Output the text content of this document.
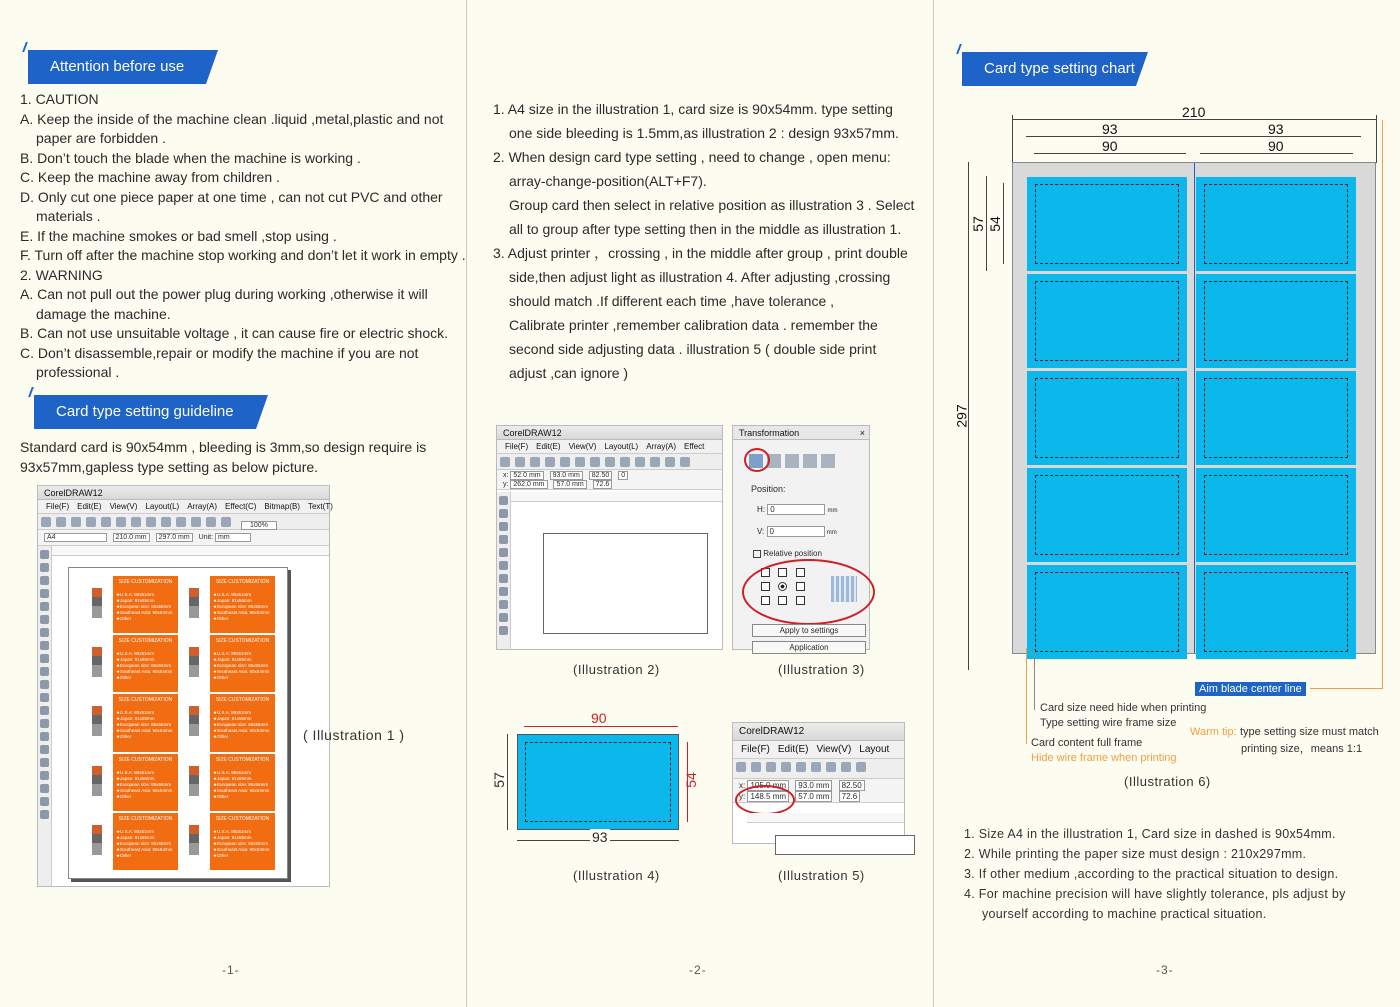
Attention before use
1. CAUTION
A. Keep the inside of the machine clean .liquid ,metal,plastic and not
paper are forbidden .
B. Don’t touch the blade when the machine is working .
C. Keep the machine away from children .
D. Only cut one piece paper at one time , can not cut PVC and other
materials .
E. If the machine smokes or bad smell ,stop using .
F. Turn off after the machine stop working and don’t let it work in empty .
2. WARNING
A. Can not pull out the power plug during working ,otherwise it will
damage the machine.
B. Can not use unsuitable voltage , it can cause fire or electric shock.
C. Don’t disassemble,repair or modify the machine if you are not
professional .
Card type setting guideline
Standard card is 90x54mm , bleeding is 3mm,so design require is
93x57mm,gapless type setting as below picture.
CorelDRAW12
File(F) Edit(E) View(V) Layout(L) Array(A) Effect(C) Bitmap(B) Text(T)
100%
A4	210.0 mm 297.0 mm Unit: mm
SIZE CUSTOMIZATION
★U.S.A: 89x51mm
★Japan: 91x55mm
★European size: 85x55mm
★Southeast Asia: 90x54mm
★Other
SIZE CUSTOMIZATION
★U.S.A: 89x51mm
★Japan: 91x55mm
★European size: 85x55mm
★Southeast Asia: 90x54mm
★Other
SIZE CUSTOMIZATION
★U.S.A: 89x51mm
★Japan: 91x55mm
★European size: 85x55mm
★Southeast Asia: 90x54mm
★Other
SIZE CUSTOMIZATION
★U.S.A: 89x51mm
★Japan: 91x55mm
★European size: 85x55mm
★Southeast Asia: 90x54mm
★Other
SIZE CUSTOMIZATION
★U.S.A: 89x51mm
★Japan: 91x55mm
★European size: 85x55mm
★Southeast Asia: 90x54mm
★Other
SIZE CUSTOMIZATION
★U.S.A: 89x51mm
★Japan: 91x55mm
★European size: 85x55mm
★Southeast Asia: 90x54mm
★Other
SIZE CUSTOMIZATION
★U.S.A: 89x51mm
★Japan: 91x55mm
★European size: 85x55mm
★Southeast Asia: 90x54mm
★Other
SIZE CUSTOMIZATION
★U.S.A: 89x51mm
★Japan: 91x55mm
★European size: 85x55mm
★Southeast Asia: 90x54mm
★Other
SIZE CUSTOMIZATION
★U.S.A: 89x51mm
★Japan: 91x55mm
★European size: 85x55mm
★Southeast Asia: 90x54mm
★Other
SIZE CUSTOMIZATION
★U.S.A: 89x51mm
★Japan: 91x55mm
★European size: 85x55mm
★Southeast Asia: 90x54mm
★Other
( Illustration 1 )
-1-
1. A4 size in the illustration 1, card size is 90x54mm. type setting
one side bleeding is 1.5mm,as illustration 2 : design 93x57mm.
2. When design card type setting , need to change , open menu:
array-change-position(ALT+F7).
Group card then select in relative position as illustration 3 . Select
all to group after type setting then in the middle as illustration 1.
3. Adjust printer ，crossing , in the middle after group , print double
side,then adjust light as illustration 4. After adjusting ,crossing
should match .If different each time ,have tolerance ,
Calibrate printer ,remember calibration data . remember the
second side adjusting data . illustration 5 ( double side print
adjust ,can ignore )
CorelDRAW12
File(F) Edit(E) View(V) Layout(L) Array(A) Effect
x: 52.0 mm 93.0 mm 82.50 0
y: 262.0 mm 57.0 mm 72.6
Transformation	×
Position:
H: 0	mm
V: 0	mm
Relative position
Apply to settings
Application
(Illustration 2)	(Illustration 3)
90
57	54
93
CorelDRAW12
File(F) Edit(E) View(V) Layout
x: 105.0 mm 93.0 mm 82.50
y: 148.5 mm 57.0 mm 72.6
(Illustration 4)	(Illustration 5)
-2-
Card type setting chart
-3-
210
93	93
90	90
297
57 54
Aim blade center line
Card size need hide when printing
Type setting wire frame size
Card content full frame
Hide wire frame when printing
Warm tip: type setting size must match
printing size，means 1:1
(Illustration 6)
1. Size A4 in the illustration 1, Card size in dashed is 90x54mm.
2. While printing the paper size must design : 210x297mm.
3. If other medium ,according to the practical situation to design.
4. For machine precision will have slightly tolerance, pls adjust by
yourself according to machine practical situation.
